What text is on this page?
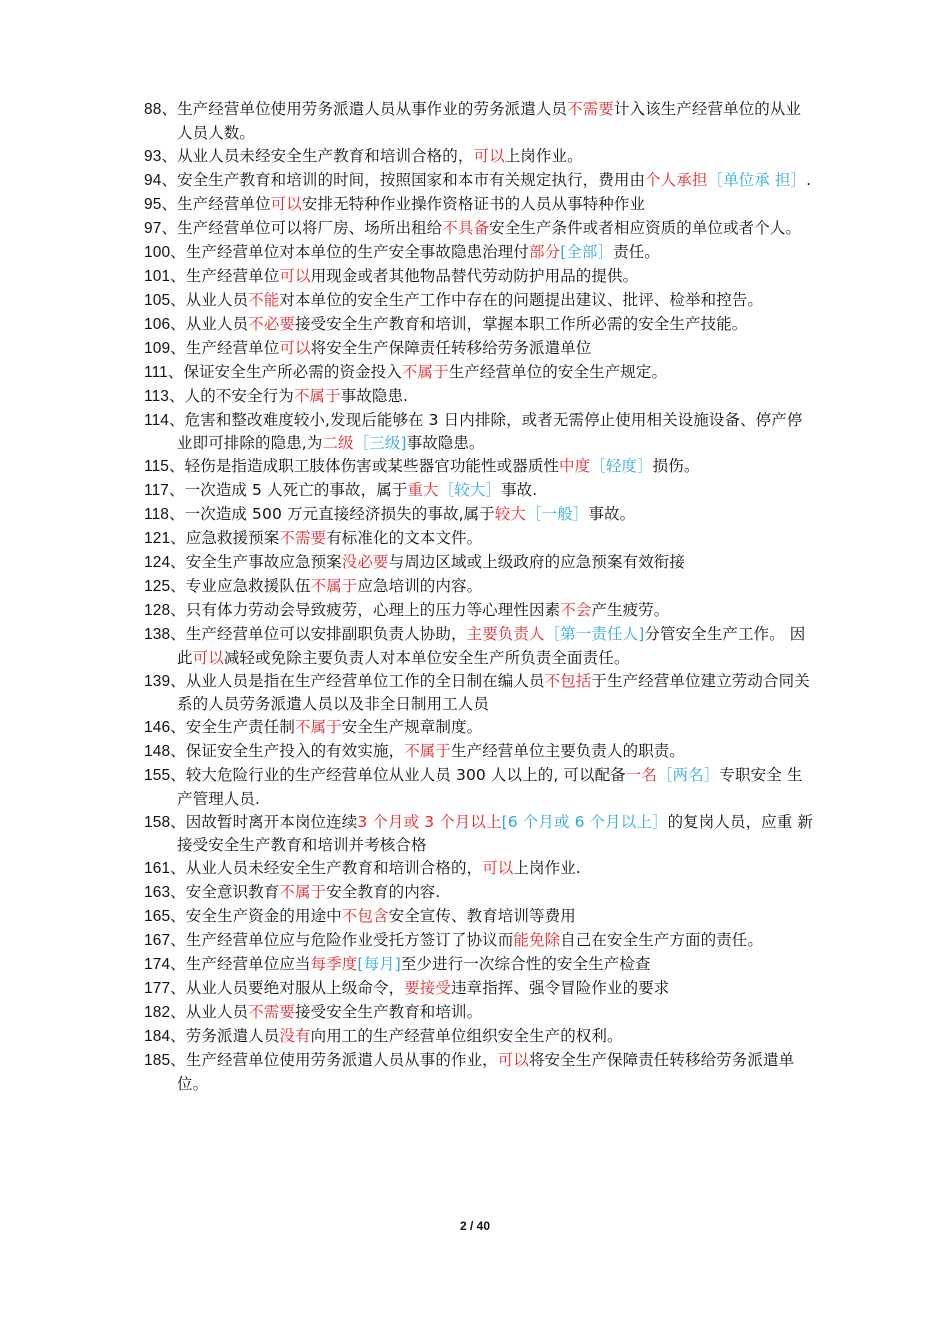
88、生产经营单位使用劳务派遣人员从事作业的劳务派遣人员不需要计入该生产经营单位的从业人员人数。
93、从业人员未经安全生产教育和培训合格的，可以上岗作业。
94、安全生产教育和培训的时间，按照国家和本市有关规定执行，费用由个人承担［单位承 担］.
95、生产经营单位可以安排无特种作业操作资格证书的人员从事特种作业
97、生产经营单位可以将厂房、场所出租给不具备安全生产条件或者相应资质的单位或者个人。
100、生产经营单位对本单位的生产安全事故隐患治理付部分[全部］责任。
101、生产经营单位可以用现金或者其他物品替代劳动防护用品的提供。
105、从业人员不能对本单位的安全生产工作中存在的问题提出建议、批评、检举和控告。
106、从业人员不必要接受安全生产教育和培训，掌握本职工作所必需的安全生产技能。
109、生产经营单位可以将安全生产保障责任转移给劳务派遣单位
111、保证安全生产所必需的资金投入不属于生产经营单位的安全生产规定。
113、人的不安全行为不属于事故隐患.
114、危害和整改难度较小,发现后能够在 3 日内排除，或者无需停止使用相关设施设备、停产停业即可排除的隐患,为二级［三级]事故隐患。
115、轻伤是指造成职工肢体伤害或某些器官功能性或器质性中度［轻度］损伤。
117、一次造成 5 人死亡的事故，属于重大［较大］事故.
118、一次造成 500 万元直接经济损失的事故,属于较大［一般］事故。
121、应急救援预案不需要有标准化的文本文件。
124、安全生产事故应急预案没必要与周边区域或上级政府的应急预案有效衔接
125、专业应急救援队伍不属于应急培训的内容。
128、只有体力劳动会导致疲劳，心理上的压力等心理性因素不会产生疲劳。
138、生产经营单位可以安排副职负责人协助，主要负责人［第一责任人]分管安全生产工作。 因此可以减轻或免除主要负责人对本单位安全生产所负责全面责任。
139、从业人员是指在生产经营单位工作的全日制在编人员不包括于生产经营单位建立劳动合同关系的人员劳务派遣人员以及非全日制用工人员
146、安全生产责任制不属于安全生产规章制度。
148、保证安全生产投入的有效实施，不属于生产经营单位主要负责人的职责。
155、较大危险行业的生产经营单位从业人员 300 人以上的, 可以配备一名［两名］专职安全 生产管理人员.
158、因故暂时离开本岗位连续3 个月或 3 个月以上[6 个月或 6 个月以上］的复岗人员，应重 新接受安全生产教育和培训并考核合格
161、从业人员未经安全生产教育和培训合格的，可以上岗作业.
163、安全意识教育不属于安全教育的内容.
165、安全生产资金的用途中不包含安全宣传、教育培训等费用
167、生产经营单位应与危险作业受托方签订了协议而能免除自己在安全生产方面的责任。
174、生产经营单位应当每季度[每月]至少进行一次综合性的安全生产检查
177、从业人员要绝对服从上级命令，要接受违章指挥、强令冒险作业的要求
182、从业人员不需要接受安全生产教育和培训。
184、劳务派遣人员没有向用工的生产经营单位组织安全生产的权利。
185、生产经营单位使用劳务派遣人员从事的作业，可以将安全生产保障责任转移给劳务派遣单位。
2 / 40
